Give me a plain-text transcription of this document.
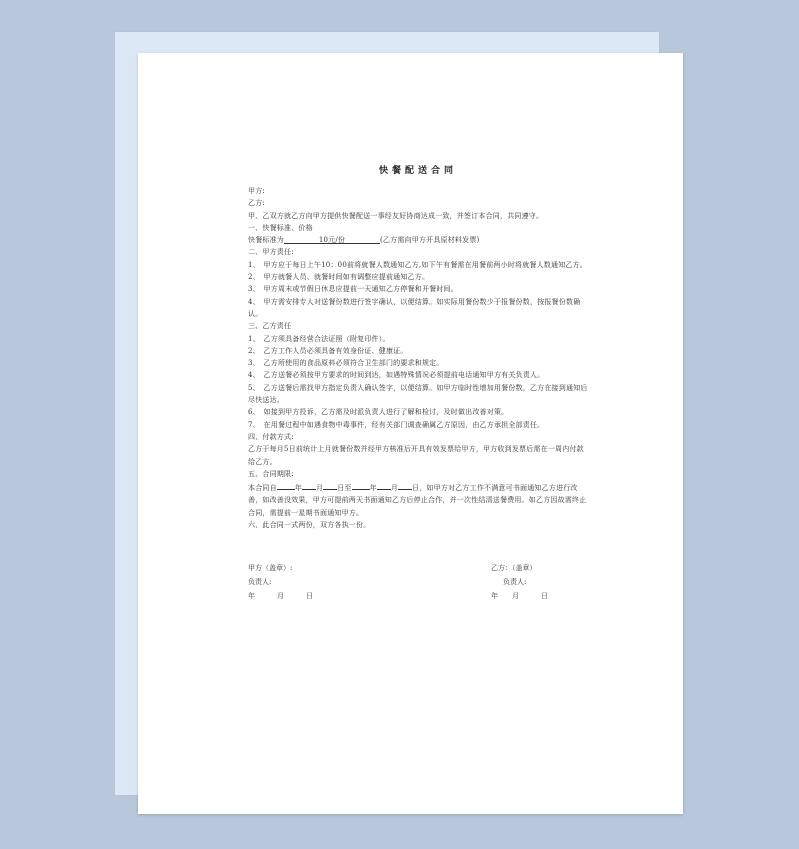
快餐配送合同
甲方:
乙方:
甲、乙双方就乙方向甲方提供快餐配送一事经友好协商达成一致，并签订本合同，共同遵守。
一、快餐标准、价格
快餐标准为	10元/份	(乙方需向甲方开具原材料发票)
二、甲方责任:
1、　甲方应于每日上午10：00前将就餐人数通知乙方,如下午有餐需在用餐前两小时将就餐人数通知乙方。
2、　甲方就餐人员、就餐时间如有调整应提前通知乙方。
3、　甲方周末或节假日休息应提前一天通知乙方停餐和开餐时间。
4、　甲方需安排专人对送餐份数进行签字确认，以便结算。如实际用餐份数少于报餐份数，按报餐份数确认。
三、乙方责任
1、　乙方须具备经营合法证照（附复印件）。
2、　乙方工作人员必须具备有效身份证、健康证。
3、　乙方所使用的食品原料必须符合卫生部门的要求和规定。
4、　乙方送餐必须按甲方要求的时间到达，如遇特殊情况必须提前电话通知甲方有关负责人。
5、　乙方送餐后需找甲方指定负责人确认签字，以便结算。如甲方临时性增加用餐份数，乙方在接到通知后尽快送达。
6、　如接到甲方投诉，乙方需及时派负责人进行了解和检讨，及时做出改善对策。
7、　在用餐过程中如遇食物中毒事件，经有关部门调查确属乙方原因，由乙方承担全部责任。
四、付款方式:
乙方于每月5日前统计上月就餐份数并经甲方核准后开具有效发票给甲方，甲方收到发票后需在一周内付款给乙方。
五、合同期限:
本合同自	年 月 日至	年 月 日，如甲方对乙方工作不满意可书面通知乙方进行改善，如改善没效果，甲方可提前两天书面通知乙方后停止合作，并一次性结清送餐费用。如乙方因故需终止合同，需提前一星期书面通知甲方。
六、此合同一式两份，双方各执一份。
甲方（盖章）:
负责人:
年	月	日
乙方：（盖章）
负责人:
年 月	日
